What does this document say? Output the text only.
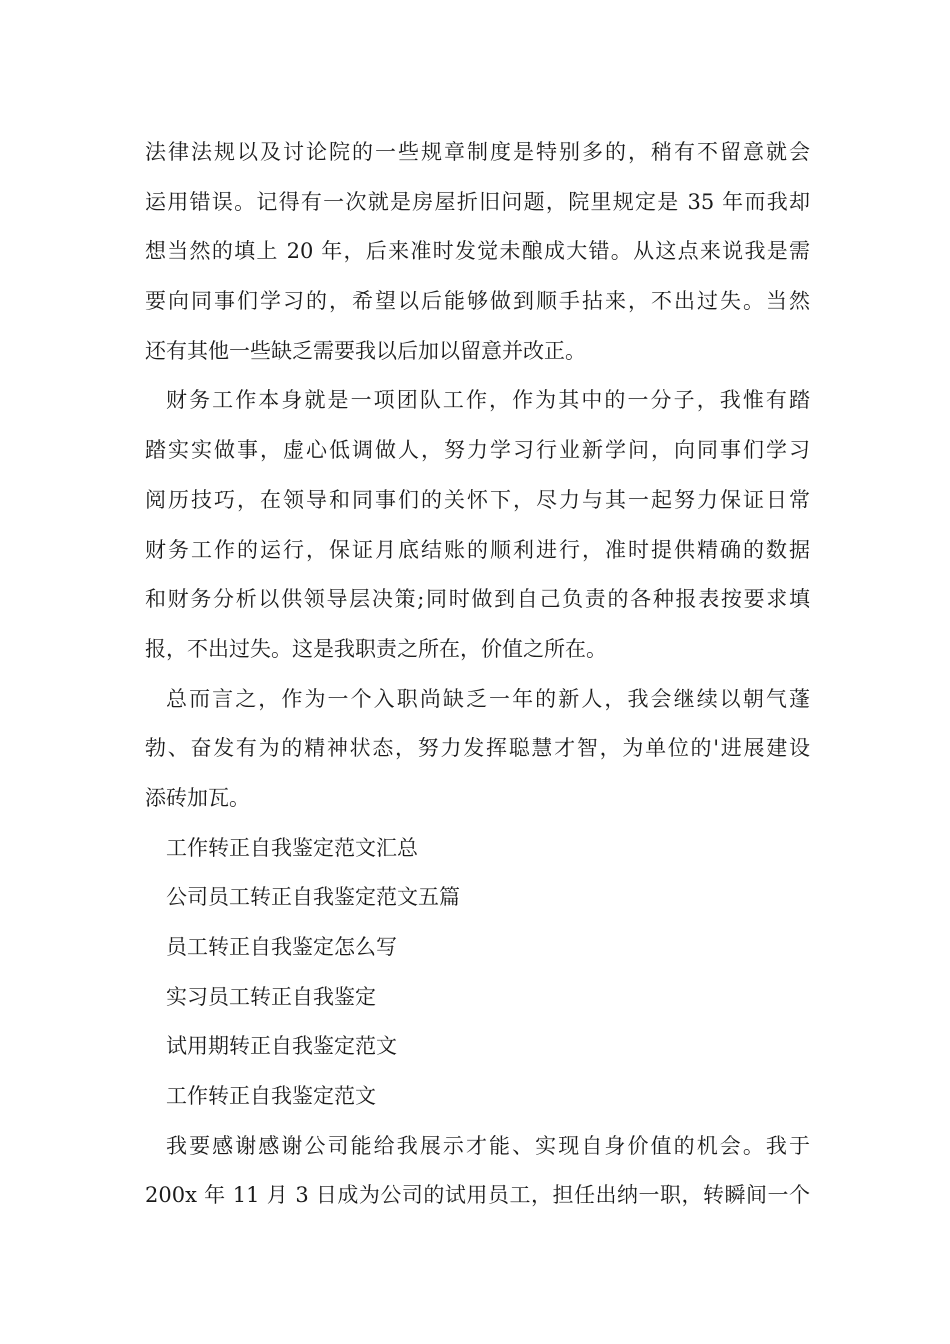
法律法规以及讨论院的一些规章制度是特别多的，稍有不留意就会
运用错误。记得有一次就是房屋折旧问题，院里规定是 35 年而我却
想当然的填上 20 年，后来准时发觉未酿成大错。从这点来说我是需
要向同事们学习的，希望以后能够做到顺手拈来，不出过失。当然
还有其他一些缺乏需要我以后加以留意并改正。
财务工作本身就是一项团队工作，作为其中的一分子，我惟有踏
踏实实做事，虚心低调做人，努力学习行业新学问，向同事们学习
阅历技巧，在领导和同事们的关怀下，尽力与其一起努力保证日常
财务工作的运行，保证月底结账的顺利进行，准时提供精确的数据
和财务分析以供领导层决策;同时做到自己负责的各种报表按要求填
报，不出过失。这是我职责之所在，价值之所在。
总而言之，作为一个入职尚缺乏一年的新人，我会继续以朝气蓬
勃、奋发有为的精神状态，努力发挥聪慧才智，为单位的'进展建设
添砖加瓦。
工作转正自我鉴定范文汇总
公司员工转正自我鉴定范文五篇
员工转正自我鉴定怎么写
实习员工转正自我鉴定
试用期转正自我鉴定范文
工作转正自我鉴定范文
我要感谢感谢公司能给我展示才能、实现自身价值的机会。我于
200x 年 11 月 3 日成为公司的试用员工，担任出纳一职，转瞬间一个
